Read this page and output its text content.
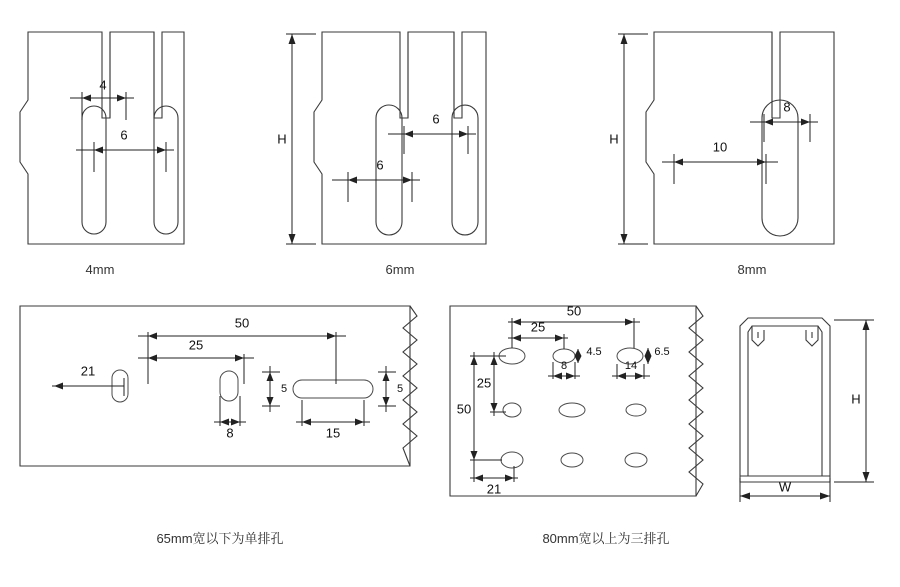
4
6
4mm
H
6
6
6mm
H
8
10
8mm
21
50
25
8	15
5	5
65mm宽以下为单排孔
50
25
4.5	6.5
8	14
50
25
21
80mm宽以上为三排孔
H
W
